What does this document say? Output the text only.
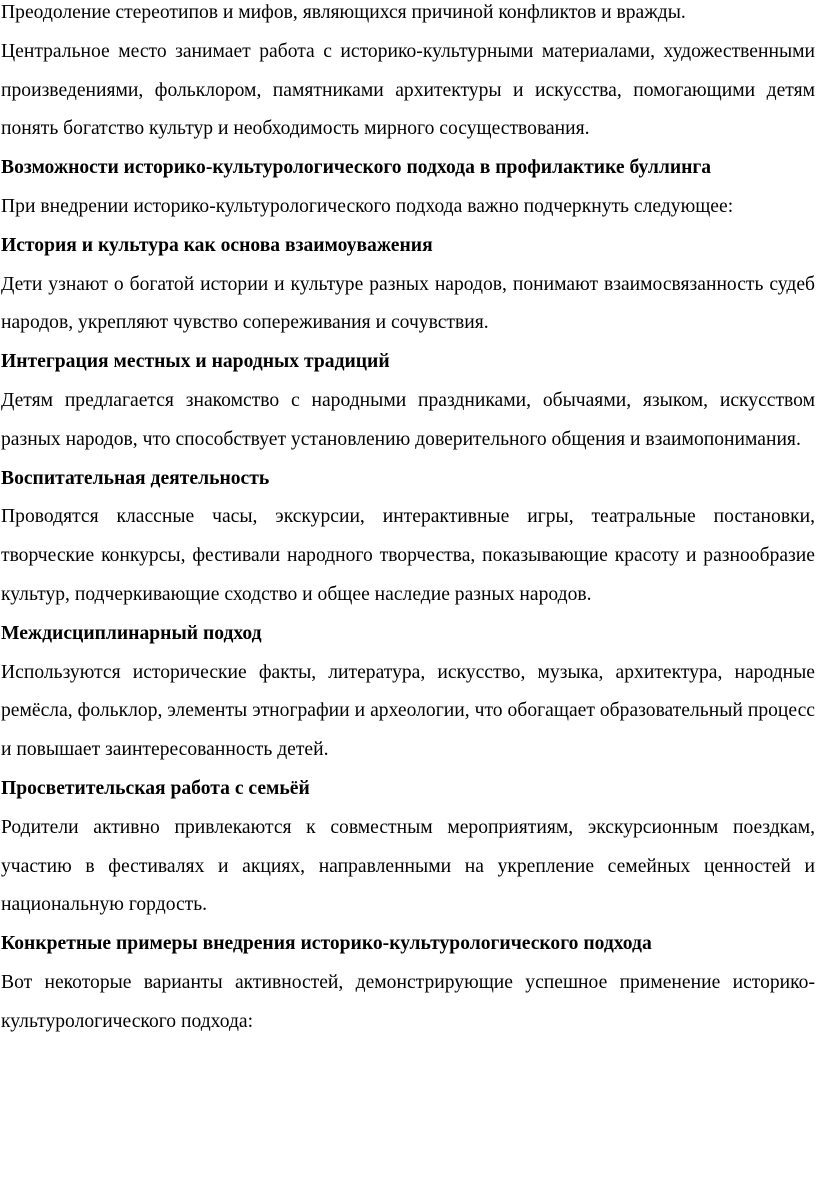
Преодоление стереотипов и мифов, являющихся причиной конфликтов и вражды.

Центральное место занимает работа с историко-культурными материалами, художественными произведениями, фольклором, памятниками архитектуры и искусства, помогающими детям понять богатство культур и необходимость мирного сосуществования.

Возможности историко-культурологического подхода в профилактике буллинга

При внедрении историко-культурологического подхода важно подчеркнуть следующее:

История и культура как основа взаимоуважения

Дети узнают о богатой истории и культуре разных народов, понимают взаимосвязанность судеб народов, укрепляют чувство сопереживания и сочувствия.

Интеграция местных и народных традиций

Детям предлагается знакомство с народными праздниками, обычаями, языком, искусством разных народов, что способствует установлению доверительного общения и взаимопонимания.

Воспитательная деятельность

Проводятся классные часы, экскурсии, интерактивные игры, театральные постановки, творческие конкурсы, фестивали народного творчества, показывающие красоту и разнообразие культур, подчеркивающие сходство и общее наследие разных народов.

Междисциплинарный подход

Используются исторические факты, литература, искусство, музыка, архитектура, народные ремёсла, фольклор, элементы этнографии и археологии, что обогащает образовательный процесс и повышает заинтересованность детей.

Просветительская работа с семьёй

Родители активно привлекаются к совместным мероприятиям, экскурсионным поездкам, участию в фестивалях и акциях, направленными на укрепление семейных ценностей и национальную гордость.

Конкретные примеры внедрения историко-культурологического подхода

Вот некоторые варианты активностей, демонстрирующие успешное применение историко-культурологического подхода:
